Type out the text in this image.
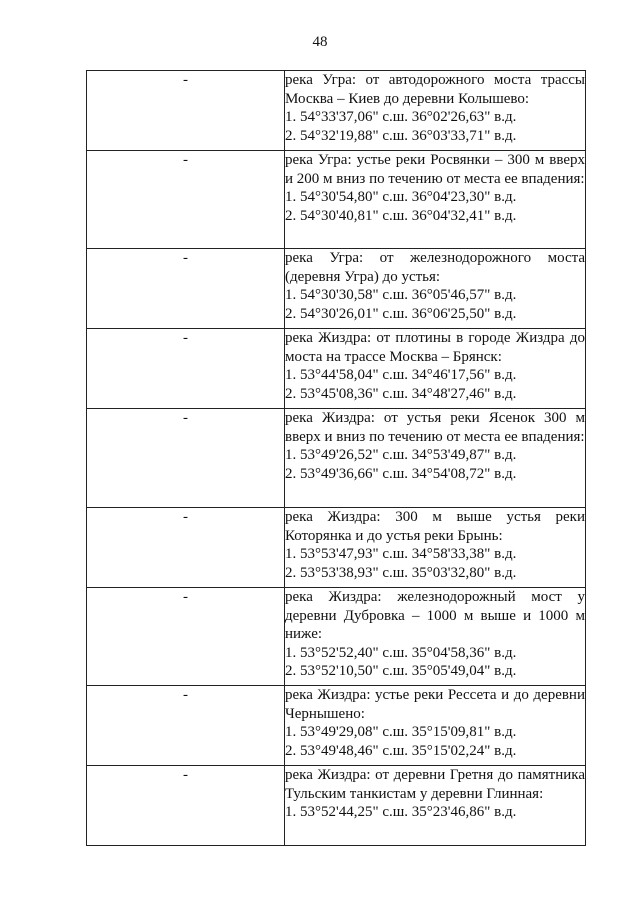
48
-	река Угра: от автодорожного моста трассы Москва – Киев до деревни Колышево:
1. 54°33'37,06" с.ш. 36°02'26,63" в.д.
2. 54°32'19,88" с.ш. 36°03'33,71" в.д.

-	река Угра: устье реки Росвянки – 300 м вверх и 200 м вниз по течению от места ее впадения:
1. 54°30'54,80" с.ш. 36°04'23,30" в.д.
2. 54°30'40,81" с.ш. 36°04'32,41" в.д.

-	река Угра: от железнодорожного моста (деревня Угра) до устья:
1. 54°30'30,58" с.ш. 36°05'46,57" в.д.
2. 54°30'26,01" с.ш. 36°06'25,50" в.д.

-	река Жиздра: от плотины в городе Жиздра до моста на трассе Москва – Брянск:
1. 53°44'58,04" с.ш. 34°46'17,56" в.д.
2. 53°45'08,36" с.ш. 34°48'27,46" в.д.

-	река Жиздра: от устья реки Ясенок 300 м вверх и вниз по течению от места ее впадения:
1. 53°49'26,52" с.ш. 34°53'49,87" в.д.
2. 53°49'36,66" с.ш. 34°54'08,72" в.д.

-	река Жиздра: 300 м выше устья реки Которянка и до устья реки Брынь:
1. 53°53'47,93" с.ш. 34°58'33,38" в.д.
2. 53°53'38,93" с.ш. 35°03'32,80" в.д.

-	река Жиздра: железнодорожный мост у деревни Дубровка – 1000 м выше и 1000 м ниже:
1. 53°52'52,40" с.ш. 35°04'58,36" в.д.
2. 53°52'10,50" с.ш. 35°05'49,04" в.д.

-	река Жиздра: устье реки Рессета и до деревни Чернышено:
1. 53°49'29,08" с.ш. 35°15'09,81" в.д.
2. 53°49'48,46" с.ш. 35°15'02,24" в.д.

-	река Жиздра: от деревни Гретня до памятника Тульским танкистам у деревни Глинная:
1. 53°52'44,25" с.ш. 35°23'46,86" в.д.
